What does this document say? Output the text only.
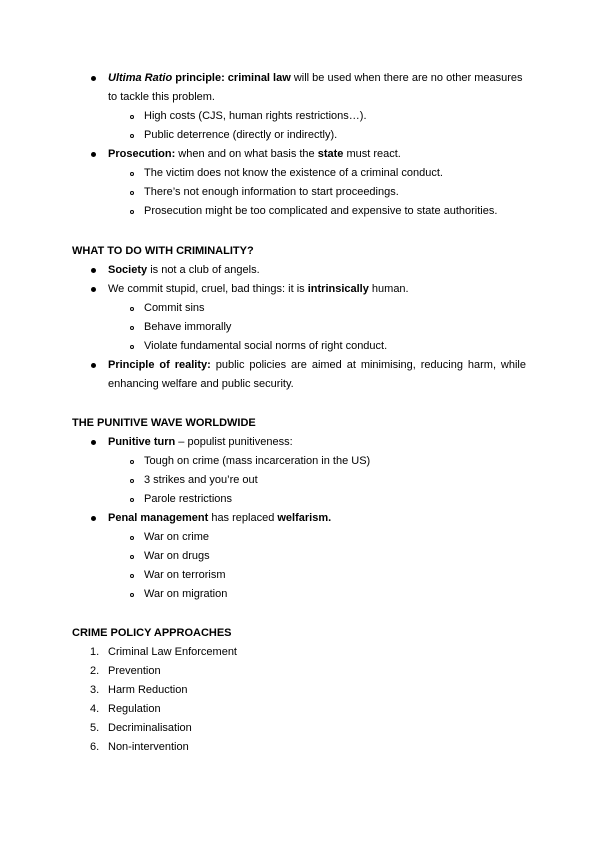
Ultima Ratio principle: criminal law will be used when there are no other measures
to tackle this problem.
High costs (CJS, human rights restrictions…).
Public deterrence (directly or indirectly).
Prosecution: when and on what basis the state must react.
The victim does not know the existence of a criminal conduct.
There’s not enough information to start proceedings.
Prosecution might be too complicated and expensive to state authorities.
WHAT TO DO WITH CRIMINALITY?
Society is not a club of angels.
We commit stupid, cruel, bad things: it is intrinsically human.
Commit sins
Behave immorally
Violate fundamental social norms of right conduct.
Principle of reality: public policies are aimed at minimising, reducing harm, while
enhancing welfare and public security.
THE PUNITIVE WAVE WORLDWIDE
Punitive turn – populist punitiveness:
Tough on crime (mass incarceration in the US)
3 strikes and you’re out
Parole restrictions
Penal management has replaced welfarism.
War on crime
War on drugs
War on terrorism
War on migration
CRIME POLICY APPROACHES
1. Criminal Law Enforcement
2. Prevention
3. Harm Reduction
4. Regulation
5. Decriminalisation
6. Non-intervention
